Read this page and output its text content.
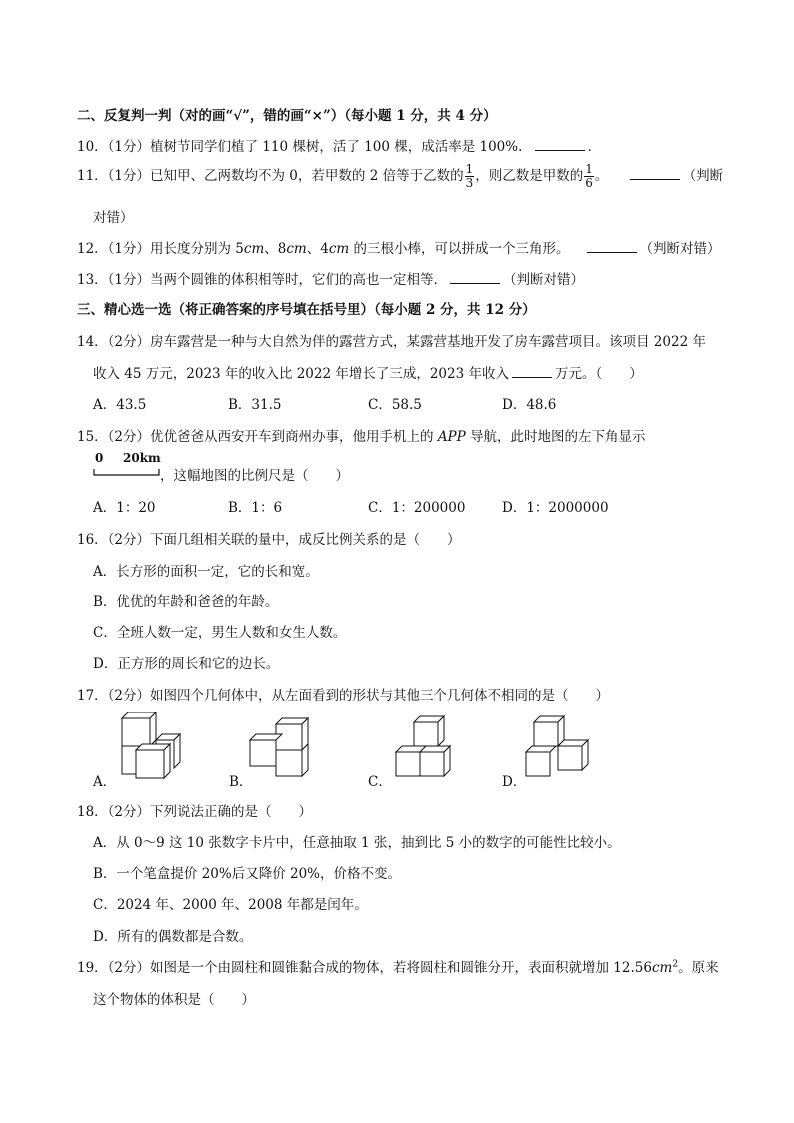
二、反复判一判（对的画“√”，错的画“×”）（每小题 1 分，共 4 分）
10．（1分）植树节同学们植了 110 棵树，活了 100 棵，成活率是 100%．	．
11．（1分）已知甲、乙两数均不为 0，若甲数的 2 倍等于乙数的 $\frac{1}{3}$ ，则乙数是甲数的 $\frac{1}{6}$ 。	（判断
对错）
12．（1分）用长度分别为 5cm、8cm、4cm 的三根小棒，可以拼成一个三角形。	（判断对错）
13．（1分）当两个圆锥的体积相等时，它们的高也一定相等．	（判断对错）
三、精心选一选（将正确答案的序号填在括号里）（每小题 2 分，共 12 分）
14．（2分）房车露营是一种与大自然为伴的露营方式，某露营基地开发了房车露营项目。该项目 2022 年
收入 45 万元，2023 年的收入比 2022 年增长了三成，2023 年收入	万元。（　　）
A．43.5	B．31.5	C．58.5	D．48.6
15．（2分）优优爸爸从西安开车到商州办事，他用手机上的 APP 导航，此时地图的左下角显示
0 20km
，这幅地图的比例尺是（　　）
A．1：20	B．1：6	C．1：200000	D．1：2000000
16．（2分）下面几组相关联的量中，成反比例关系的是（　　）
A．长方形的面积一定，它的长和宽。
B．优优的年龄和爸爸的年龄。
C．全班人数一定，男生人数和女生人数。
D．正方形的周长和它的边长。
17．（2分）如图四个几何体中，从左面看到的形状与其他三个几何体不相同的是（　　）
A．	B．	C．	D．
18．（2分）下列说法正确的是（　　）
A．从 0～9 这 10 张数字卡片中，任意抽取 1 张，抽到比 5 小的数字的可能性比较小。
B．一个笔盒提价 20%后又降价 20%，价格不变。
C．2024 年、2000 年、2008 年都是闰年。
D．所有的偶数都是合数。
19．（2分）如图是一个由圆柱和圆锥黏合成的物体，若将圆柱和圆锥分开，表面积就增加 $12.56cm^2$。原来
这个物体的体积是（　　）
